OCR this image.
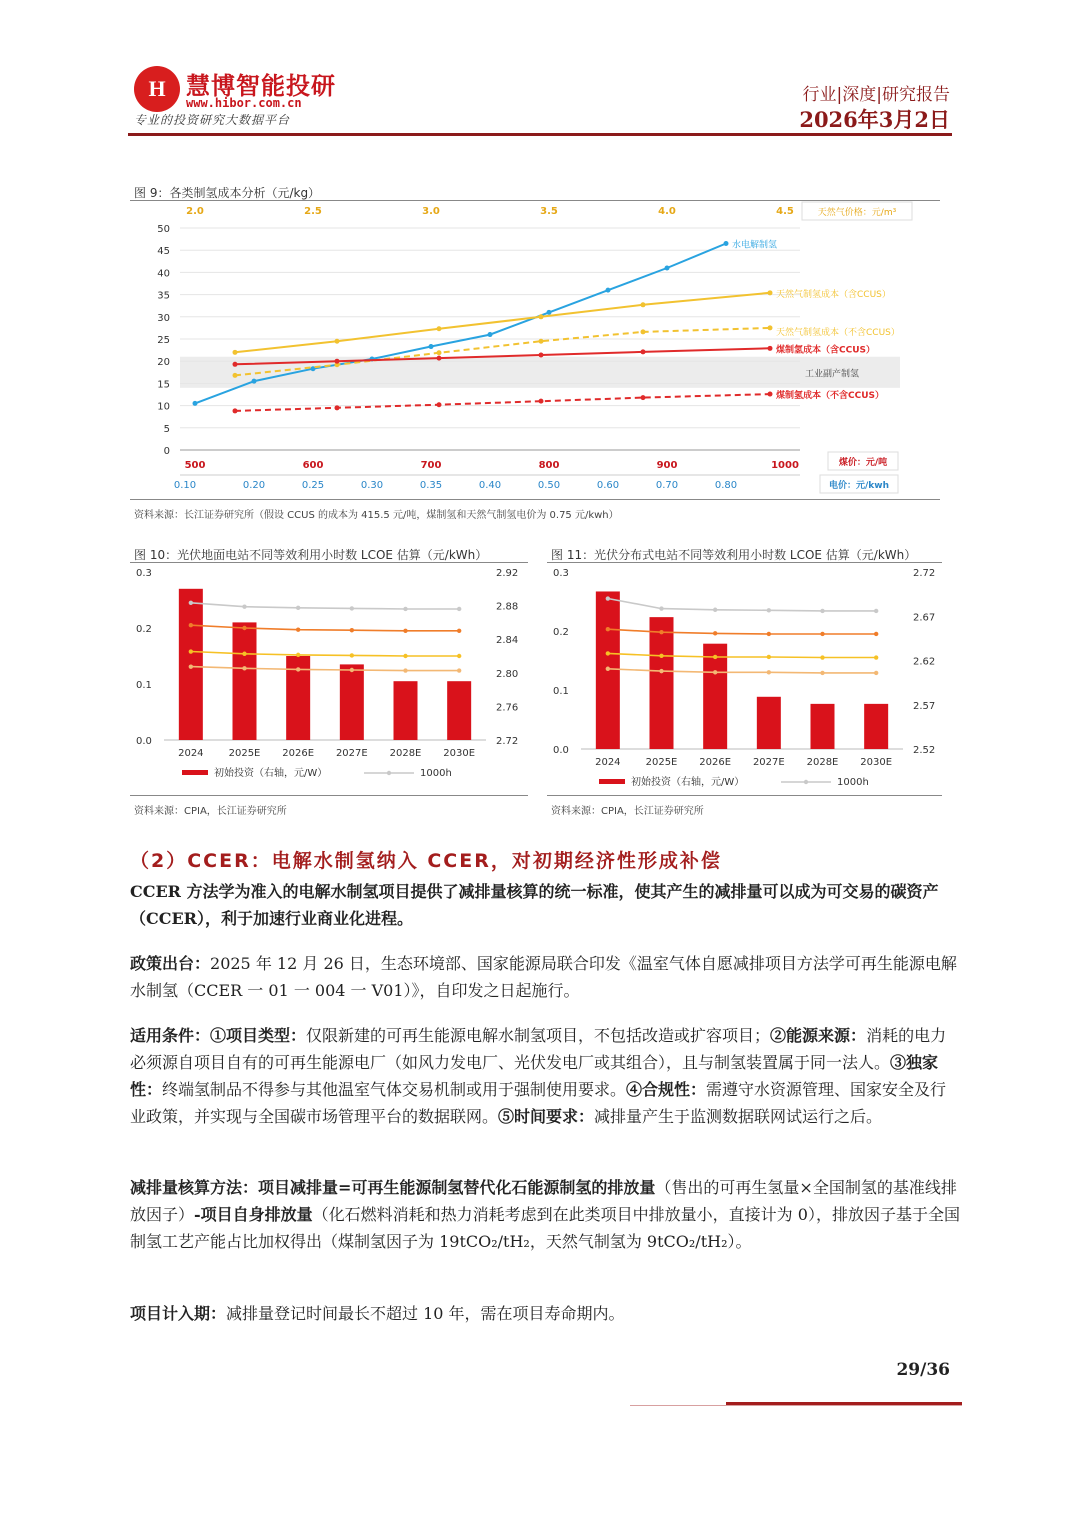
H 慧博智能投研
www.hibor.com.cn
专业的投资研究大数据平台
行业|深度|研究报告
2026年3月2日
图 9：各类制氢成本分析（元/kg）
工业副产制氢
0
5
10
15
20
25
30
35
40
45
50
2.0	2.5	3.0	3.5	4.0	4.5	天然气价格：元/m³
500	600	700	800	900	1000	煤价：元/吨
0.10	0.20	0.25	0.30	0.35	0.40	0.50	0.60	0.70	0.80	电价：元/kwh
水电解制氢
天然气制氢成本（含CCUS）
天然气制氢成本（不含CCUS）
煤制氢成本（含CCUS）
煤制氢成本（不含CCUS）
资料来源：长江证券研究所（假设 CCUS 的成本为 415.5 元/吨，煤制氢和天然气制氢电价为 0.75 元/kwh）
图 10：光伏地面电站不同等效利用小时数 LCOE 估算（元/kWh）
0.0
0.1
0.2
0.3
2.72
2.76
2.80
2.84
2.88
2.92
2024	2025E 2026E 2027E 2028E 2030E
初始投资（右轴，元/W）	1000h
资料来源：CPIA，长江证券研究所
图 11：光伏分布式电站不同等效利用小时数 LCOE 估算（元/kWh）
0.0
0.1
0.2
0.3
2.52
2.57
2.62
2.67
2.72
2024	2025E 2026E 2027E 2028E 2030E
初始投资（右轴，元/W）	1000h
资料来源：CPIA，长江证券研究所
（2）CCER：电解水制氢纳入 CCER，对初期经济性形成补偿
CCER 方法学为准入的电解水制氢项目提供了减排量核算的统一标准，使其产生的减排量可以成为可交易的碳资产（CCER），利于加速行业商业化进程。
政策出台：2025 年 12 月 26 日，生态环境部、国家能源局联合印发《温室气体自愿减排项目方法学可再生能源电解水制氢（CCER 一 01 一 004 一 V01）》，自印发之日起施行。
适用条件：①项目类型：仅限新建的可再生能源电解水制氢项目，不包括改造或扩容项目；②能源来源：消耗的电力必须源自项目自有的可再生能源电厂（如风力发电厂、光伏发电厂或其组合），且与制氢装置属于同一法人。③独家性：终端氢制品不得参与其他温室气体交易机制或用于强制使用要求。④合规性：需遵守水资源管理、国家安全及行业政策，并实现与全国碳市场管理平台的数据联网。⑤时间要求：减排量产生于监测数据联网试运行之后。
减排量核算方法：项目减排量=可再生能源制氢替代化石能源制氢的排放量（售出的可再生氢量×全国制氢的基准线排放因子）-项目自身排放量（化石燃料消耗和热力消耗考虑到在此类项目中排放量小，直接计为 0），排放因子基于全国制氢工艺产能占比加权得出（煤制氢因子为 19tCO₂/tH₂，天然气制氢为 9tCO₂/tH₂）。
项目计入期：减排量登记时间最长不超过 10 年，需在项目寿命期内。
29/36
